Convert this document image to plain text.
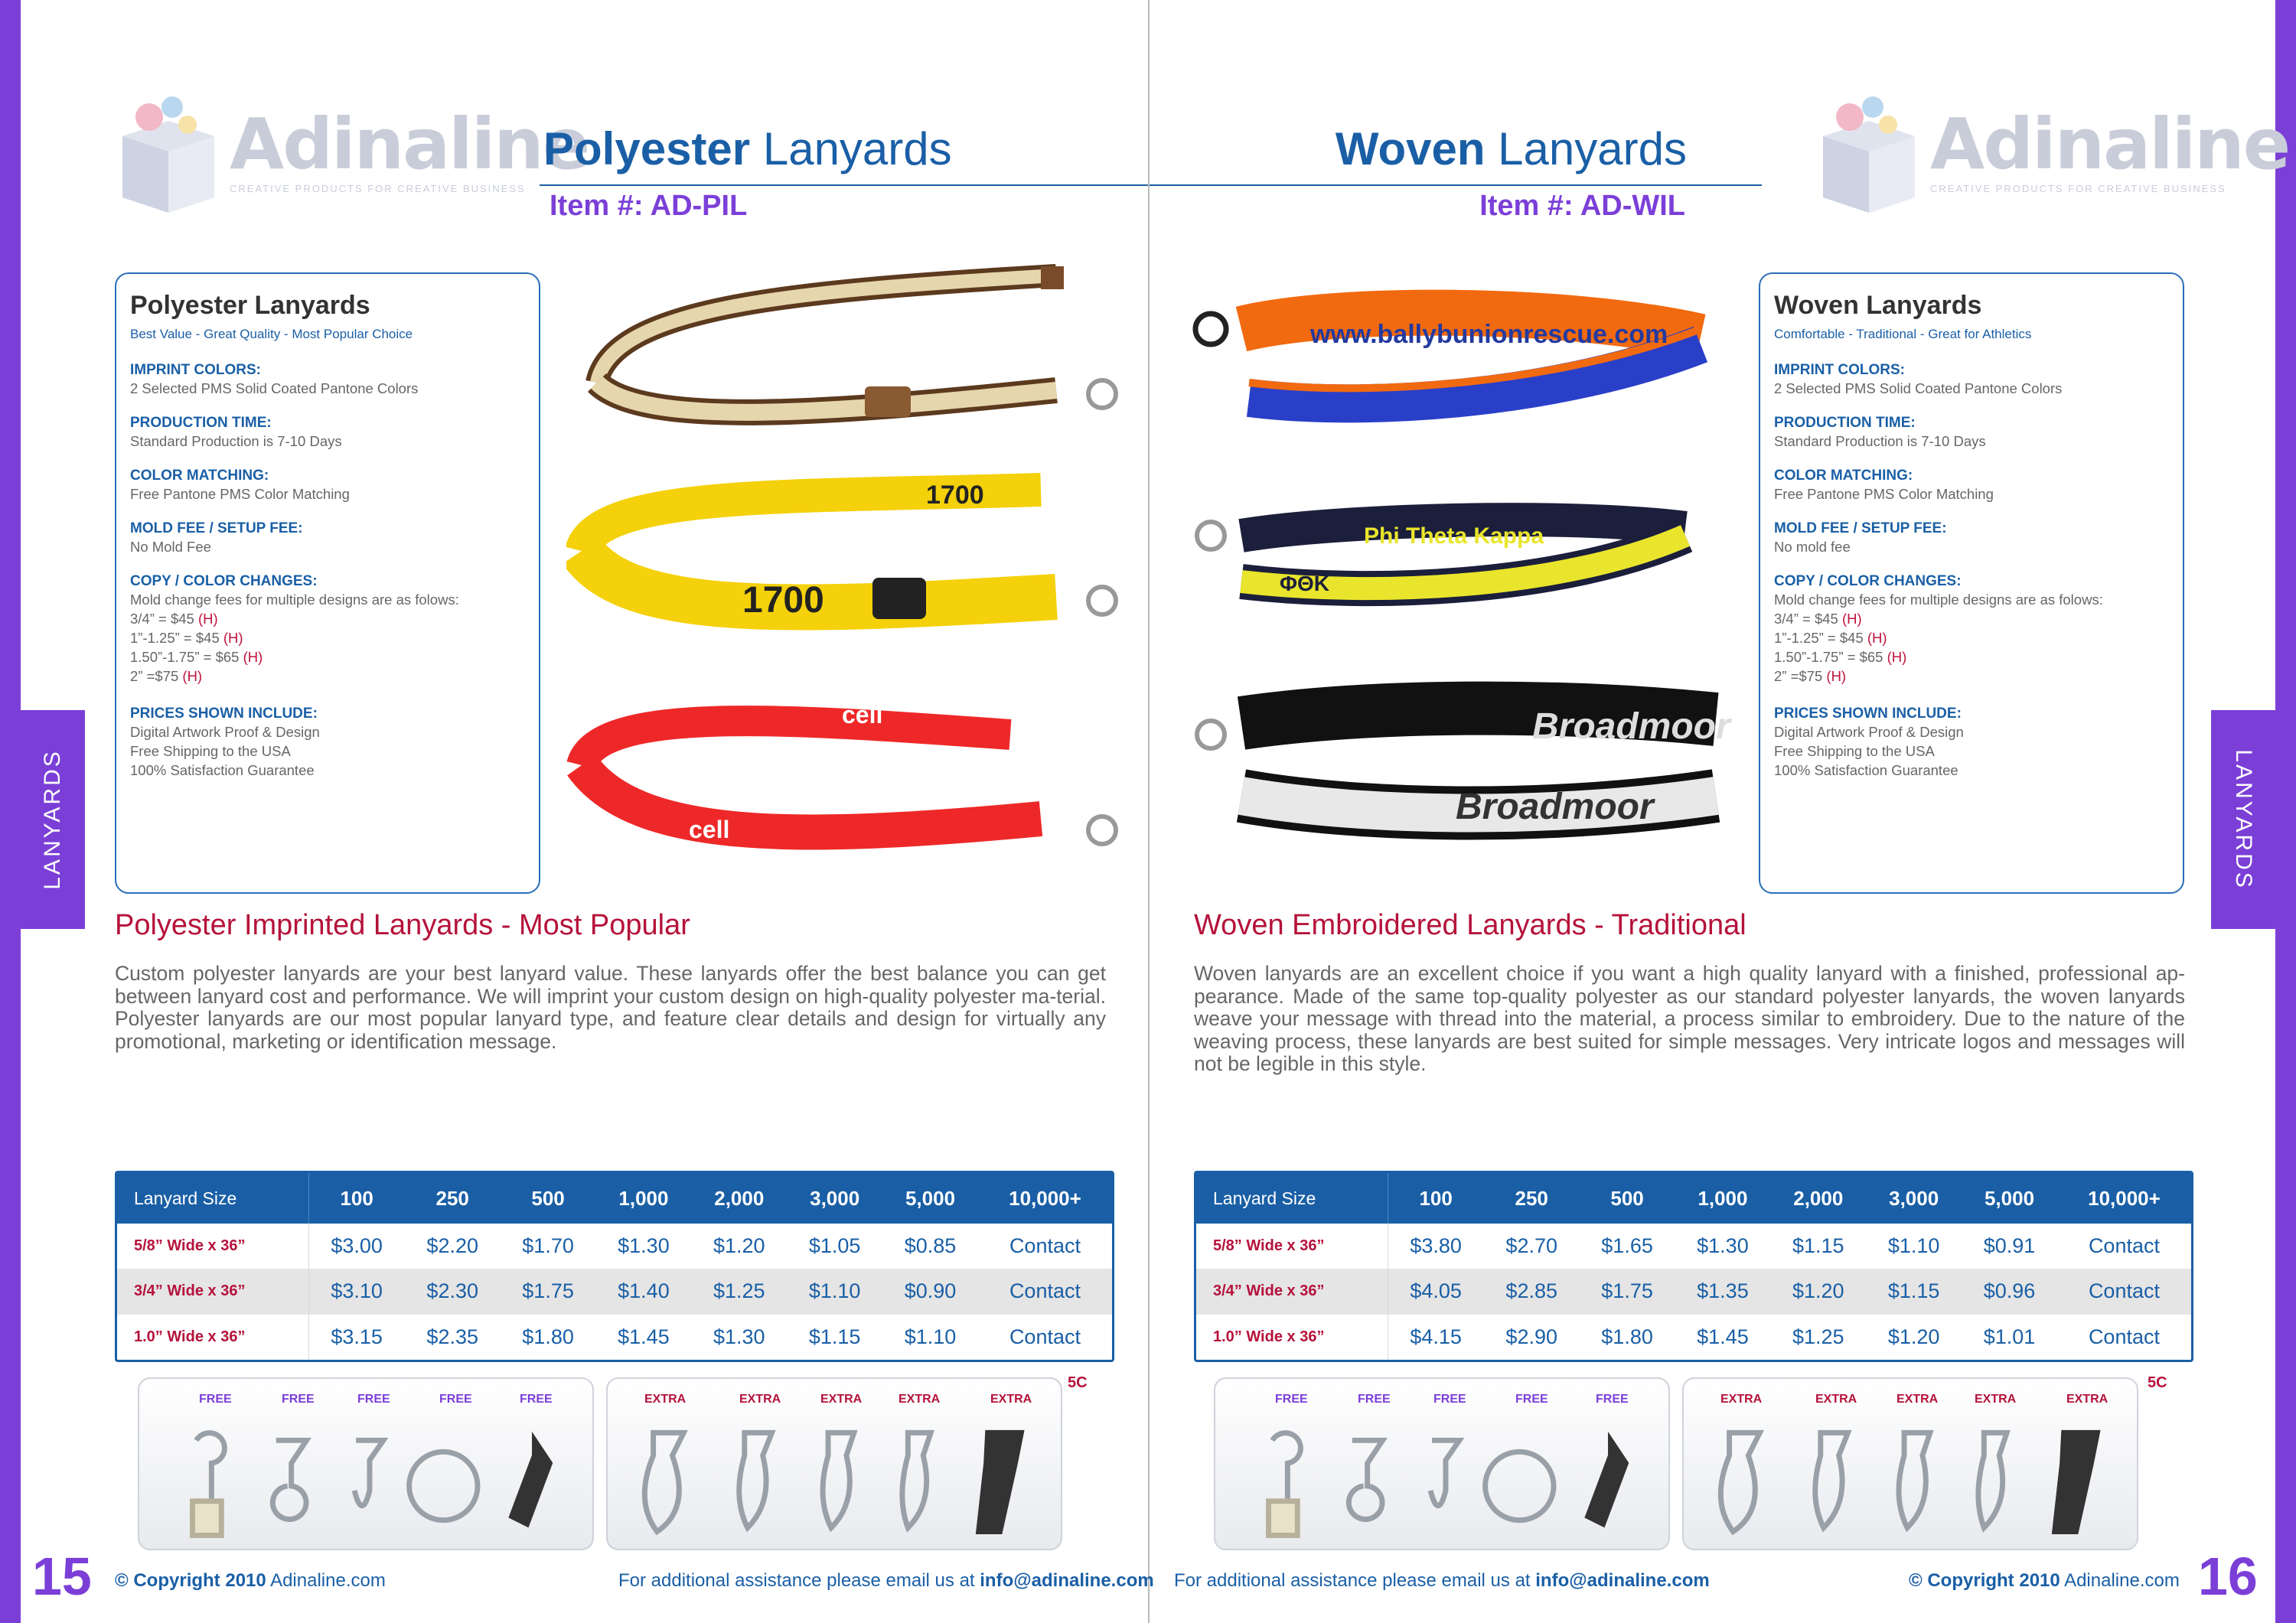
LANYARDS	LANYARDS
Adinaline
CREATIVE PRODUCTS FOR CREATIVE BUSINESS
Polyester Lanyards
Item #: AD-PIL
Polyester Lanyards
Best Value - Great Quality - Most Popular Choice
IMPRINT COLORS:
2 Selected PMS Solid Coated Pantone Colors
PRODUCTION TIME:
Standard Production is 7-10 Days
COLOR MATCHING:
Free Pantone PMS Color Matching
MOLD FEE / SETUP FEE:
No Mold Fee
COPY / COLOR CHANGES:
Mold change fees for multiple designs are as folows:
3/4” = $45 (H)
1”-1.25” = $45 (H)
1.50”-1.75” = $65 (H)
2” =$75 (H)
PRICES SHOWN INCLUDE:
Digital Artwork Proof & Design
Free Shipping to the USA
100% Satisfaction Guarantee
1700
1700
cell
cell
Polyester Imprinted Lanyards - Most Popular
Custom polyester lanyards are your best lanyard value. These lanyards offer the best balance you can get between lanyard cost and performance. We will imprint your custom design on high-quality polyester ma-terial. Polyester lanyards are our most popular lanyard type, and feature clear details and design for virtually any promotional, marketing or identification message.
Lanyard Size	100	250	500	1,000	2,000	3,000	5,000	10,000+
5/8” Wide x 36”	$3.00	$2.20	$1.70	$1.30	$1.20	$1.05	$0.85	Contact
3/4” Wide x 36”	$3.10	$2.30	$1.75	$1.40	$1.25	$1.10	$0.90	Contact
1.0” Wide x 36”	$3.15	$2.35	$1.80	$1.45	$1.30	$1.15	$1.10	Contact
FREE	FREE	FREE	FREE	FREE	EXTRA	EXTRA	EXTRA	EXTRA	EXTRA
5C
15 © Copyright 2010 Adinaline.com	For additional assistance please email us at info@adinaline.com
Adinaline
CREATIVE PRODUCTS FOR CREATIVE BUSINESS
Woven Lanyards
Item #: AD-WIL
www.ballybunionrescue.com
Phi Theta Kappa
ΦΘK
Broadmoor
Broadmoor
Woven Lanyards
Comfortable - Traditional - Great for Athletics
IMPRINT COLORS:
2 Selected PMS Solid Coated Pantone Colors
PRODUCTION TIME:
Standard Production is 7-10 Days
COLOR MATCHING:
Free Pantone PMS Color Matching
MOLD FEE / SETUP FEE:
No mold fee
COPY / COLOR CHANGES:
Mold change fees for multiple designs are as folows:
3/4” = $45 (H)
1”-1.25” = $45 (H)
1.50”-1.75” = $65 (H)
2” =$75 (H)
PRICES SHOWN INCLUDE:
Digital Artwork Proof & Design
Free Shipping to the USA
100% Satisfaction Guarantee
Woven Embroidered Lanyards - Traditional
Woven lanyards are an excellent choice if you want a high quality lanyard with a finished, professional ap-pearance. Made of the same top-quality polyester as our standard polyester lanyards, the woven lanyards weave your message with thread into the material, a process similar to embroidery. Due to the nature of the weaving process, these lanyards are best suited for simple messages. Very intricate logos and messages will not be legible in this style.
Lanyard Size	100	250	500	1,000	2,000	3,000	5,000	10,000+
5/8” Wide x 36”	$3.80	$2.70	$1.65	$1.30	$1.15	$1.10	$0.91	Contact
3/4” Wide x 36”	$4.05	$2.85	$1.75	$1.35	$1.20	$1.15	$0.96	Contact
1.0” Wide x 36”	$4.15	$2.90	$1.80	$1.45	$1.25	$1.20	$1.01	Contact
FREE	FREE	FREE	FREE	FREE	EXTRA	EXTRA	EXTRA	EXTRA	EXTRA
5C
For additional assistance please email us at info@adinaline.com	© Copyright 2010 Adinaline.com 16
